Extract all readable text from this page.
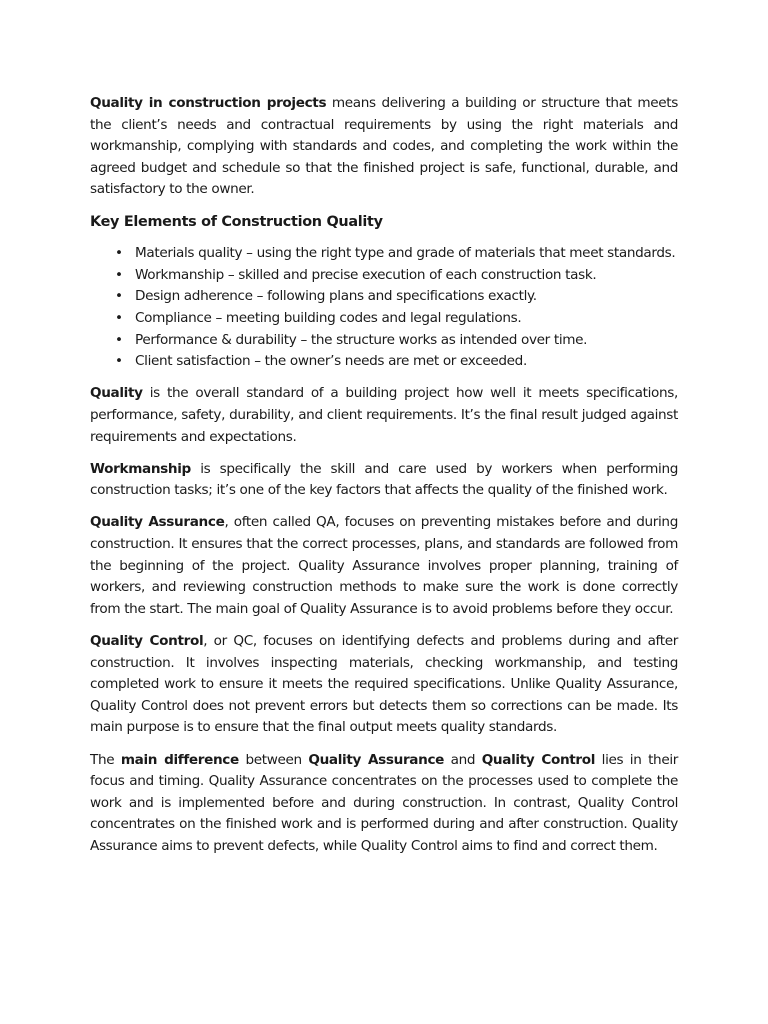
Quality in construction projects means delivering a building or structure that meets the client’s needs and contractual requirements by using the right materials and workmanship, complying with standards and codes, and completing the work within the agreed budget and schedule so that the finished project is safe, functional, durable, and satisfactory to the owner.

Key Elements of Construction Quality
• Materials quality – using the right type and grade of materials that meet standards.
• Workmanship – skilled and precise execution of each construction task.
• Design adherence – following plans and specifications exactly.
• Compliance – meeting building codes and legal regulations.
• Performance & durability – the structure works as intended over time.
• Client satisfaction – the owner’s needs are met or exceeded.

Quality is the overall standard of a building project how well it meets specifications, performance, safety, durability, and client requirements. It’s the final result judged against requirements and expectations.

Workmanship is specifically the skill and care used by workers when performing construction tasks; it’s one of the key factors that affects the quality of the finished work.

Quality Assurance, often called QA, focuses on preventing mistakes before and during construction. It ensures that the correct processes, plans, and standards are followed from the beginning of the project. Quality Assurance involves proper planning, training of workers, and reviewing construction methods to make sure the work is done correctly from the start. The main goal of Quality Assurance is to avoid problems before they occur.

Quality Control, or QC, focuses on identifying defects and problems during and after construction. It involves inspecting materials, checking workmanship, and testing completed work to ensure it meets the required specifications. Unlike Quality Assurance, Quality Control does not prevent errors but detects them so corrections can be made. Its main purpose is to ensure that the final output meets quality standards.

The main difference between Quality Assurance and Quality Control lies in their focus and timing. Quality Assurance concentrates on the processes used to complete the work and is implemented before and during construction. In contrast, Quality Control concentrates on the finished work and is performed during and after construction. Quality Assurance aims to prevent defects, while Quality Control aims to find and correct them.
